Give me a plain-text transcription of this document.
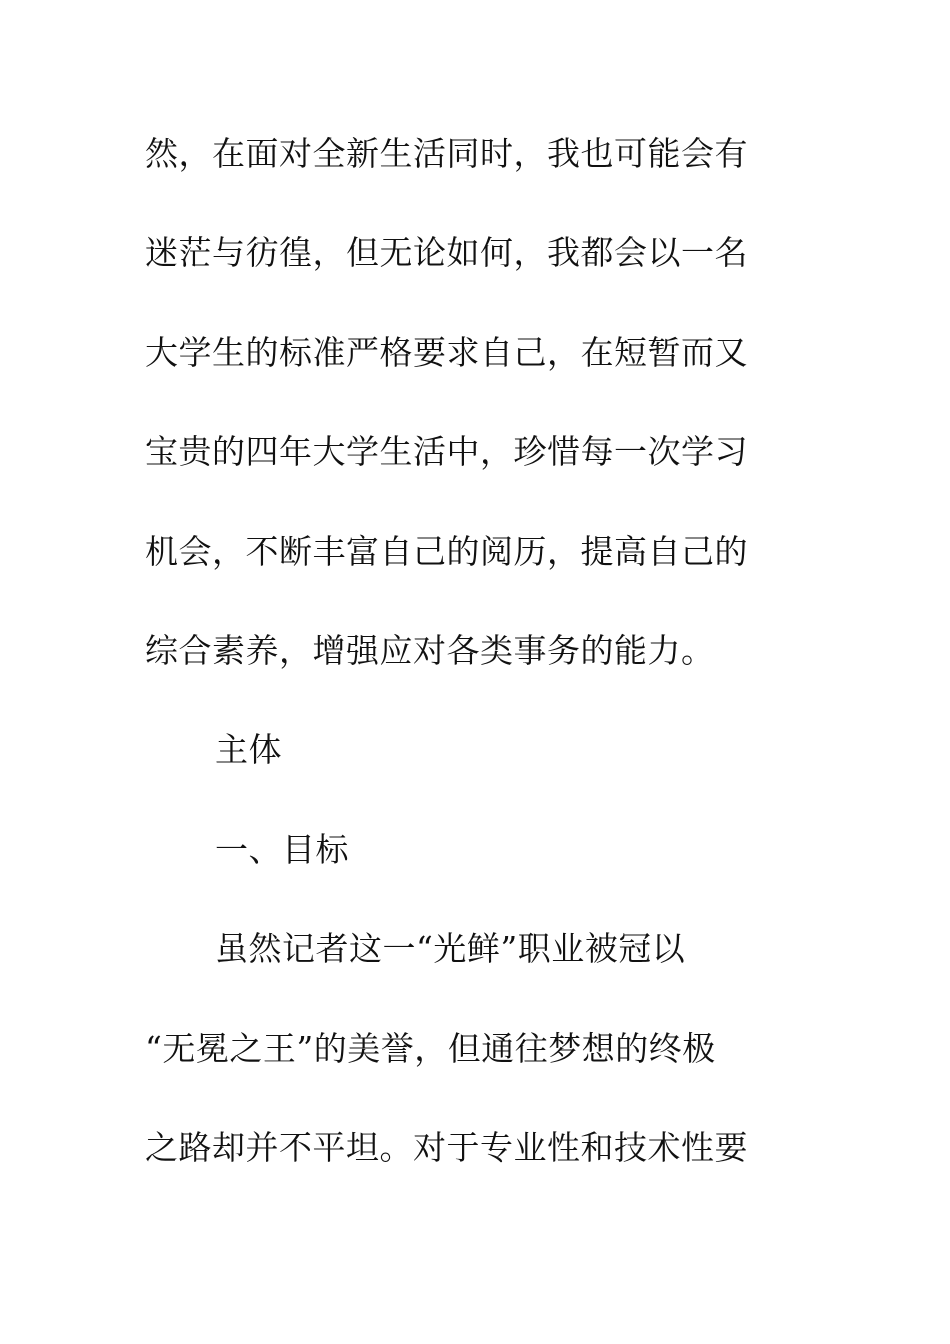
然，在面对全新生活同时，我也可能会有
迷茫与彷徨，但无论如何，我都会以一名
大学生的标准严格要求自己，在短暂而又
宝贵的四年大学生活中，珍惜每一次学习
机会，不断丰富自己的阅历，提高自己的
综合素养，增强应对各类事务的能力。
主体
一、目标
虽然记者这一“光鲜”职业被冠以
“无冕之王”的美誉，但通往梦想的终极
之路却并不平坦。对于专业性和技术性要
